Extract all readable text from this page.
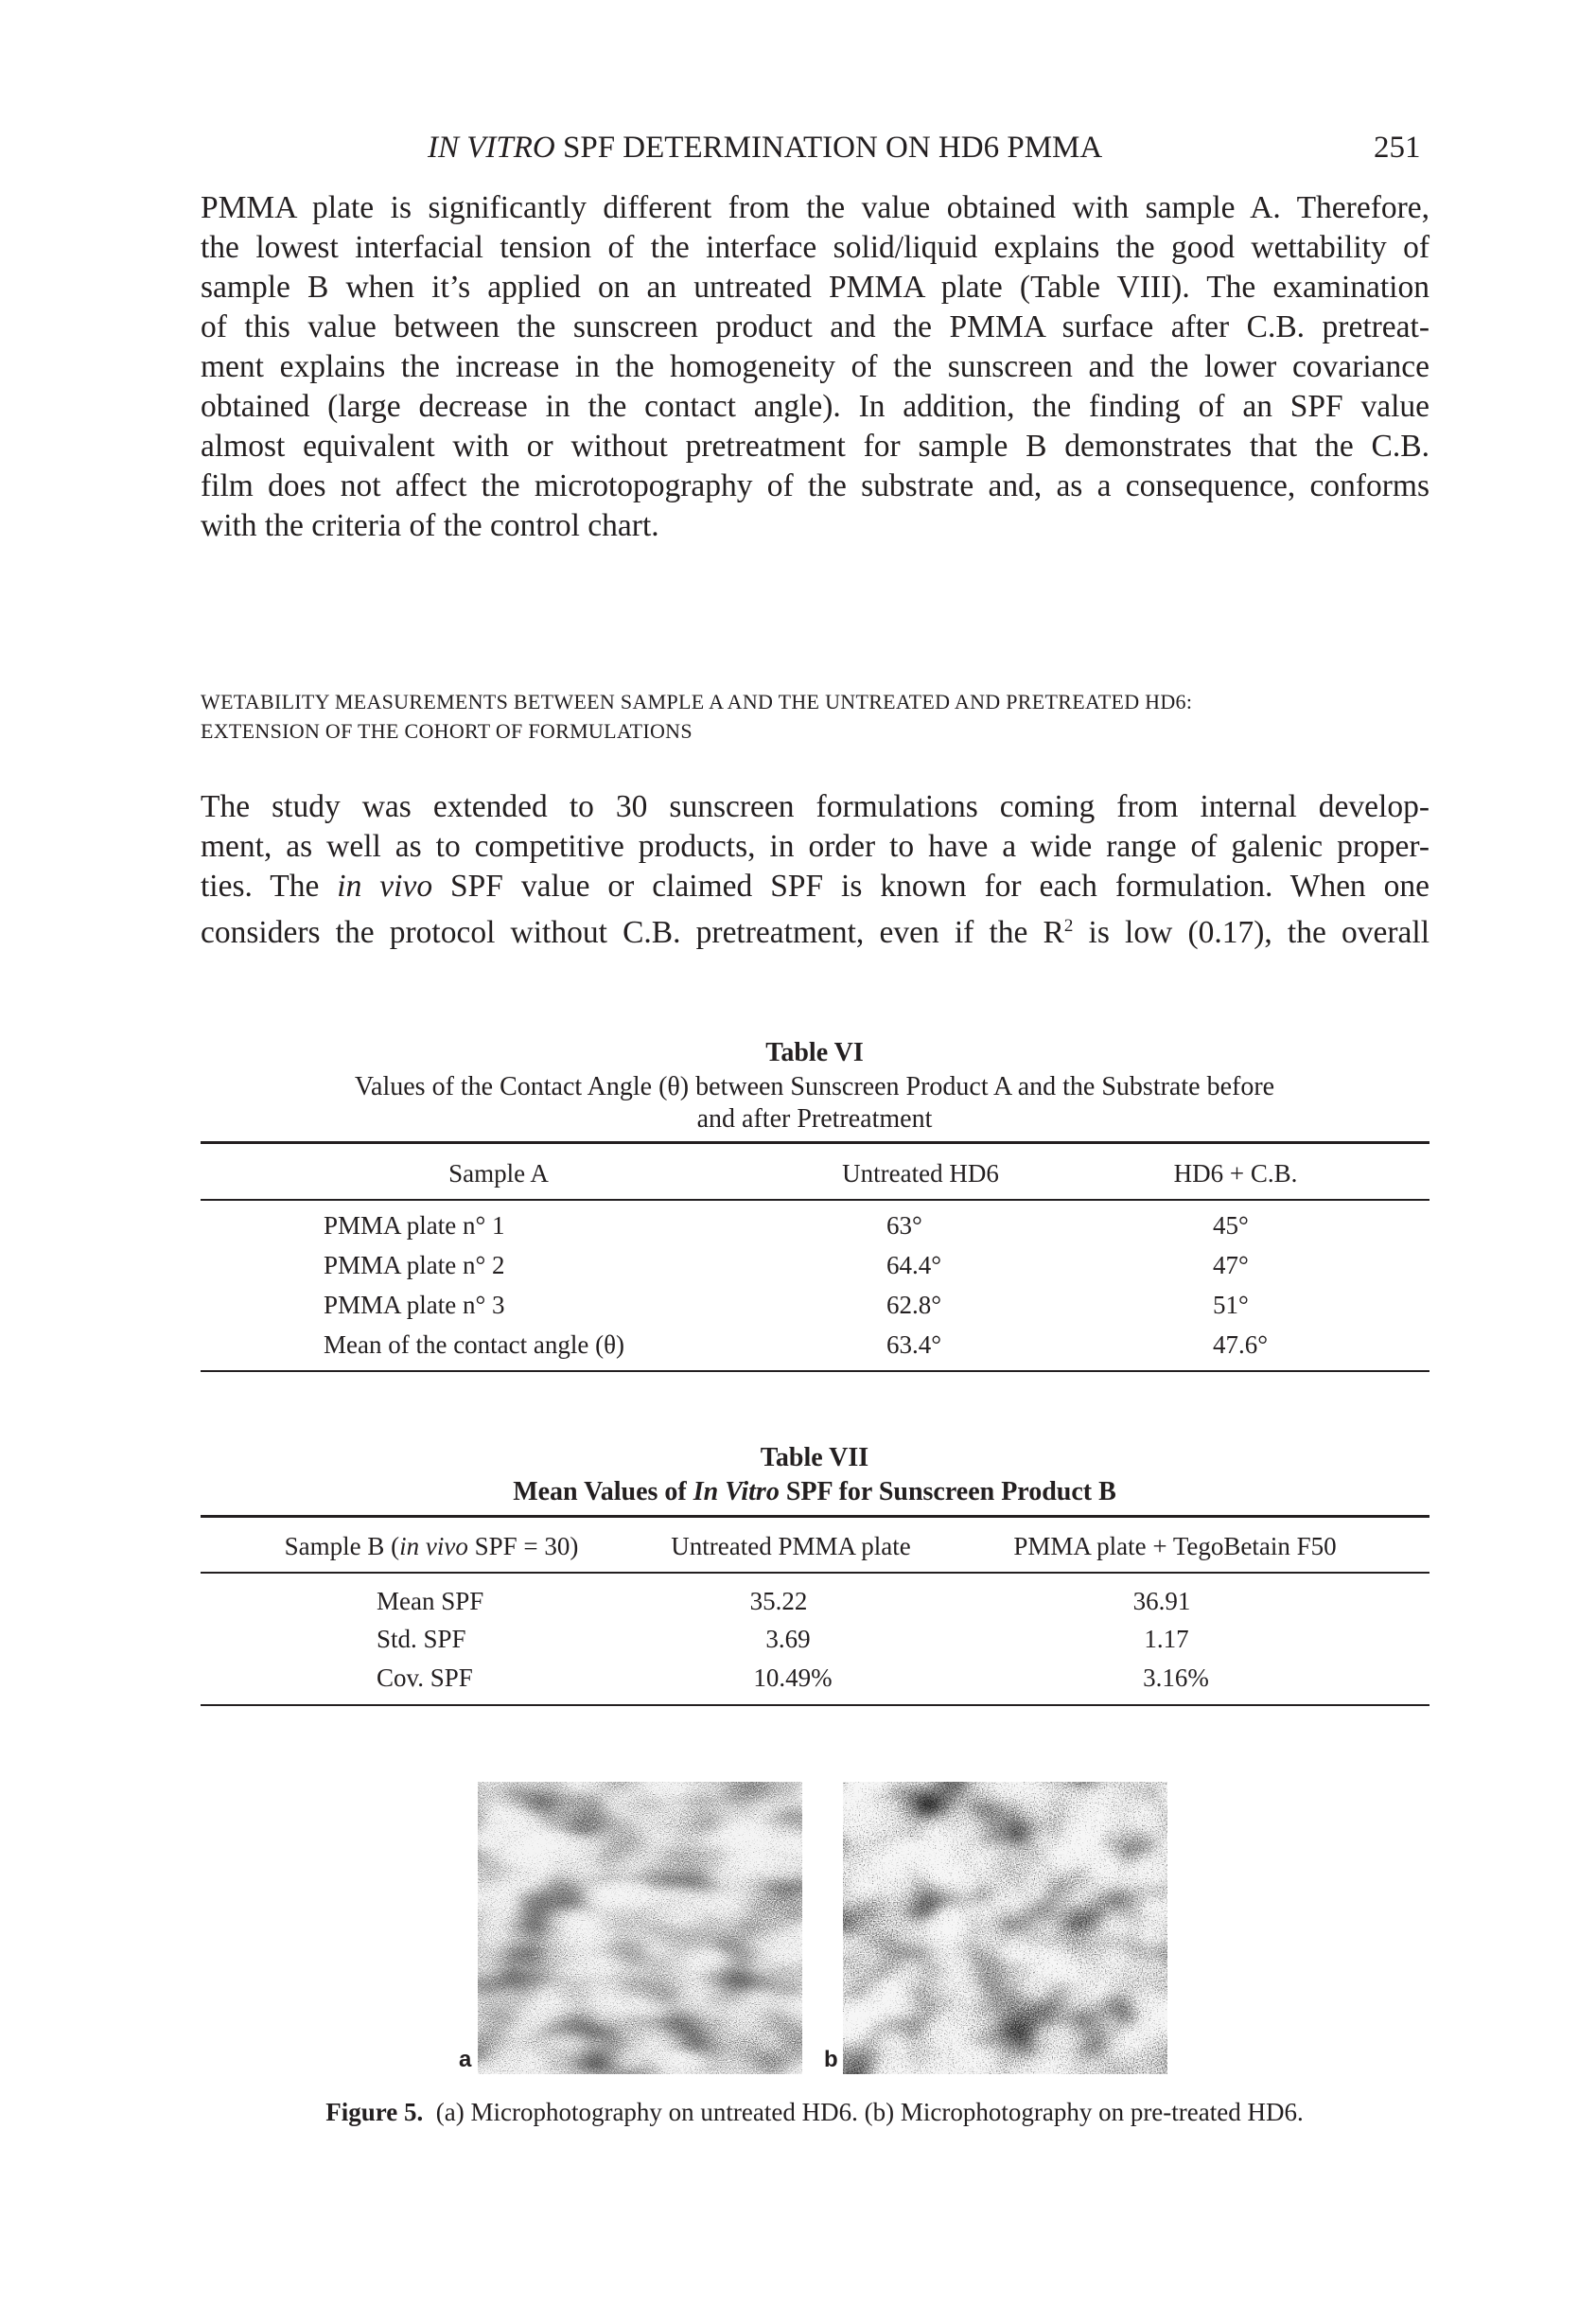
IN VITRO SPF DETERMINATION ON HD6 PMMA	251
PMMA plate is significantly different from the value obtained with sample A. Therefore,
the lowest interfacial tension of the interface solid/liquid explains the good wettability of
sample B when it’s applied on an untreated PMMA plate (Table VIII). The examination
of this value between the sunscreen product and the PMMA surface after C.B. pretreat-
ment explains the increase in the homogeneity of the sunscreen and the lower covariance
obtained (large decrease in the contact angle). In addition, the finding of an SPF value
almost equivalent with or without pretreatment for sample B demonstrates that the C.B.
film does not affect the microtopography of the substrate and, as a consequence, conforms
with the criteria of the control chart.
WETABILITY MEASUREMENTS BETWEEN SAMPLE A AND THE UNTREATED AND PRETREATED HD6:
EXTENSION OF THE COHORT OF FORMULATIONS
The study was extended to 30 sunscreen formulations coming from internal develop-
ment, as well as to competitive products, in order to have a wide range of galenic proper-
ties. The in vivo SPF value or claimed SPF is known for each formulation. When one
considers the protocol without C.B. pretreatment, even if the $R^2$ is low (0.17), the overall
Table VI
Values of the Contact Angle (θ) between Sunscreen Product A and the Substrate before
and after Pretreatment
Sample A	Untreated HD6	HD6 + C.B.
PMMA plate n° 1	63°	45°
PMMA plate n° 2	64.4°	47°
PMMA plate n° 3	62.8°	51°
Mean of the contact angle (θ)	63.4°	47.6°
Table VII
Mean Values of In Vitro SPF for Sunscreen Product B
Sample B (in vivo SPF = 30)	Untreated PMMA plate	PMMA plate + TegoBetain F50
Mean SPF	35.22	36.91
Std. SPF	3.69	1.17
Cov. SPF	10.49%	3.16%
a	b
Figure 5. (a) Microphotography on untreated HD6. (b) Microphotography on pre-treated HD6.
